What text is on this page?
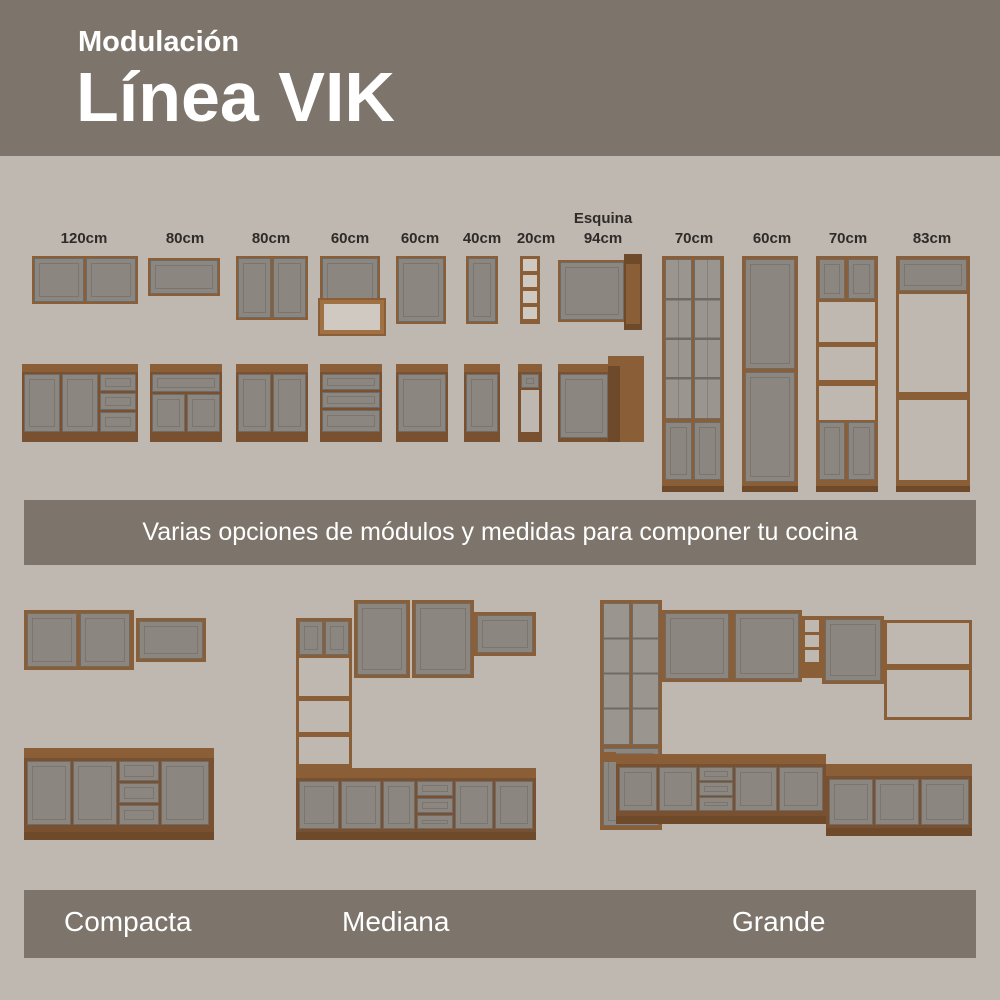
Modulación
Línea VIK
120cm	80cm	80cm	60cm	60cm	40cm	20cm
Esquina
94cm	70cm	60cm	70cm	83cm
Varias opciones de módulos y medidas para componer tu cocina
Compacta	Mediana	Grande
